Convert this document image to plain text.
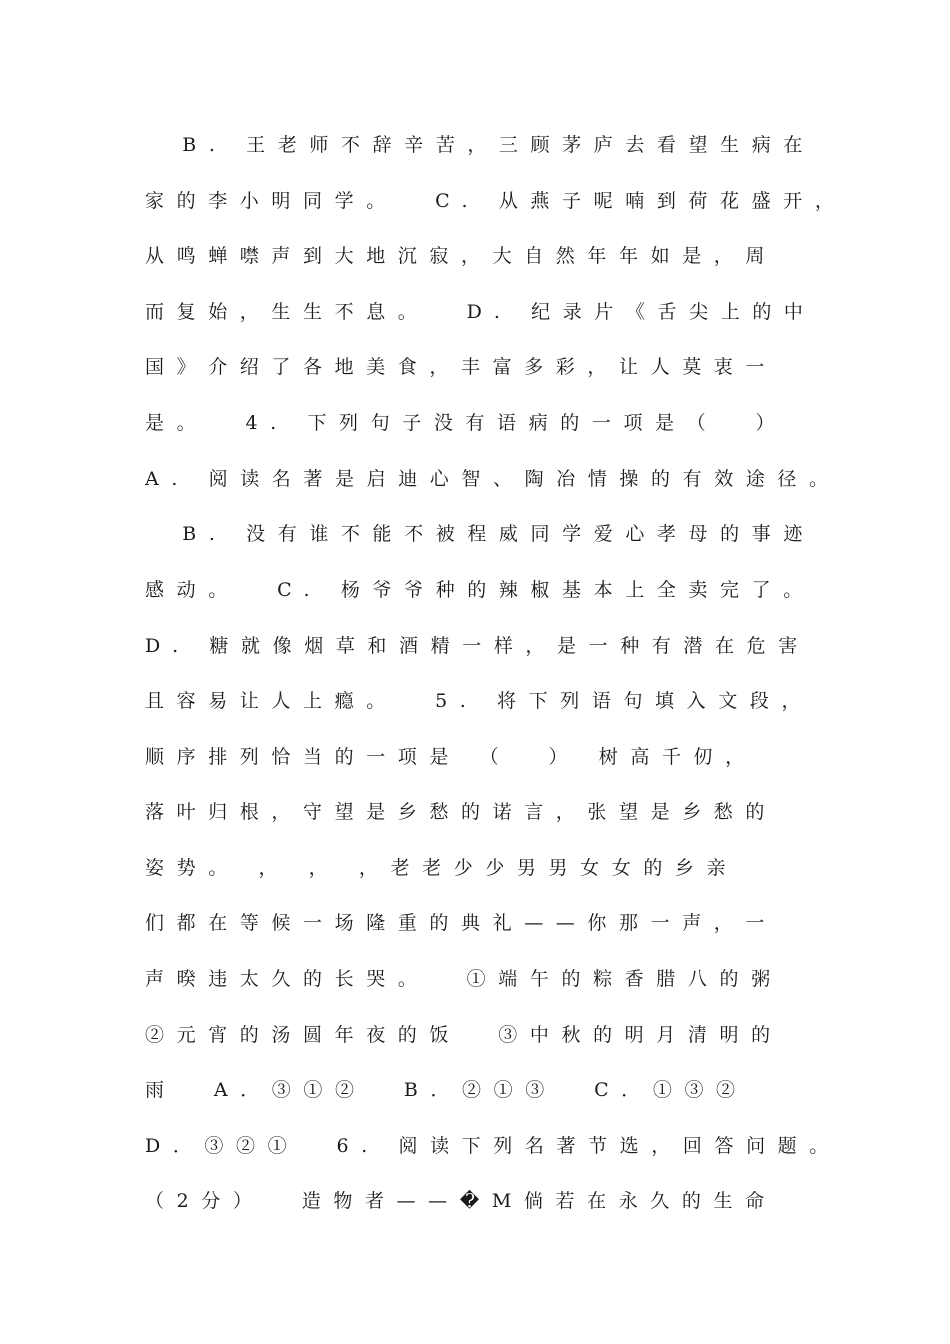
B. 王老师不辞辛苦，三顾茅庐去看望生病在
家的李小明同学。  C. 从燕子呢喃到荷花盛开，
从鸣蝉噤声到大地沉寂，大自然年年如是，周
而复始，生生不息。  D. 纪录片《舌尖上的中
国》介绍了各地美食，丰富多彩，让人莫衷一
是。  4. 下列句子没有语病的一项是（  ）
A. 阅读名著是启迪心智、陶冶情操的有效途径。
B. 没有谁不能不被程威同学爱心孝母的事迹
感动。  C. 杨爷爷种的辣椒基本上全卖完了。
D. 糖就像烟草和酒精一样，是一种有潜在危害
且容易让人上瘾。  5. 将下列语句填入文段，
顺序排列恰当的一项是 （  ） 树高千仞，
落叶归根，守望是乡愁的诺言，张望是乡愁的
姿势。 ， ， ，老老少少男男女女的乡亲
们都在等候一场隆重的典礼——你那一声，一
声暌违太久的长哭。  ①端午的粽香腊八的粥
②元宵的汤圆年夜的饭  ③中秋的明月清明的
雨  A．③①②  B．②①③  C．①③②
D．③②①  6. 阅读下列名著节选，回答问题。
（2分）  造物者——�M倘若在永久的生命
